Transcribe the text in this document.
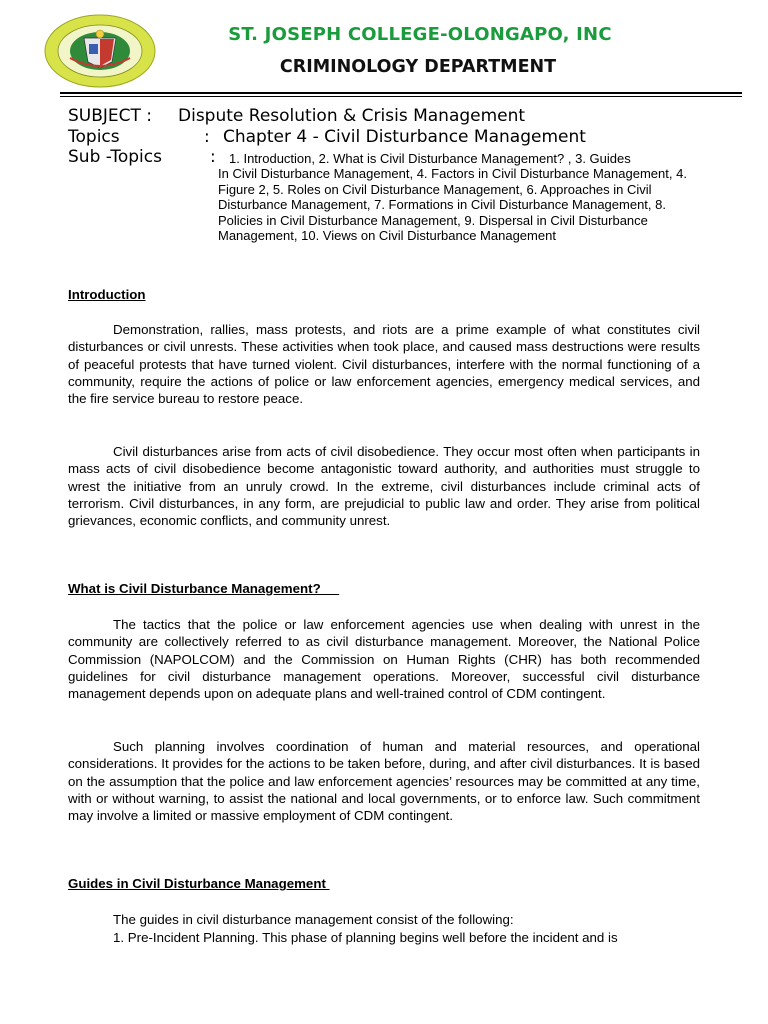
ST. JOSEPH COLLEGE-OLONGAPO, INC
CRIMINOLOGY DEPARTMENT
SUBJECT : Dispute Resolution & Crisis Management
Topics	: Chapter 4 - Civil Disturbance Management
Sub -Topics	:	1. Introduction, 2. What is Civil Disturbance Management? , 3. Guides
In Civil Disturbance Management, 4. Factors in Civil Disturbance Management, 4. Figure 2, 5. Roles on Civil Disturbance Management, 6. Approaches in Civil Disturbance Management, 7. Formations in Civil Disturbance Management, 8. Policies in Civil Disturbance Management, 9. Dispersal in Civil Disturbance Management, 10. Views on Civil Disturbance Management
Introduction

Demonstration, rallies, mass protests, and riots are a prime example of what constitutes civil disturbances or civil unrests. These activities when took place, and caused mass destructions were results of peaceful protests that have turned violent. Civil disturbances, interfere with the normal functioning of a community, require the actions of police or law enforcement agencies, emergency medical services, and the fire service bureau to restore peace.

Civil disturbances arise from acts of civil disobedience. They occur most often when participants in mass acts of civil disobedience become antagonistic toward authority, and authorities must struggle to wrest the initiative from an unruly crowd. In the extreme, civil disturbances include criminal acts of terrorism. Civil disturbances, in any form, are prejudicial to public law and order. They arise from political grievances, economic conflicts, and community unrest.

What is Civil Disturbance Management?

The tactics that the police or law enforcement agencies use when dealing with unrest in the community are collectively referred to as civil disturbance management. Moreover, the National Police Commission (NAPOLCOM) and the Commission on Human Rights (CHR) has both recommended guidelines for civil disturbance management operations. Moreover, successful civil disturbance management depends upon on adequate plans and well-trained control of CDM contingent.

Such planning involves coordination of human and material resources, and operational considerations. It provides for the actions to be taken before, during, and after civil disturbances. It is based on the assumption that the police and law enforcement agencies’ resources may be committed at any time, with or without warning, to assist the national and local governments, or to enforce law. Such commitment may involve a limited or massive employment of CDM contingent.

Guides in Civil Disturbance Management
The guides in civil disturbance management consist of the following:
1. Pre-Incident Planning. This phase of planning begins well before the incident and is
